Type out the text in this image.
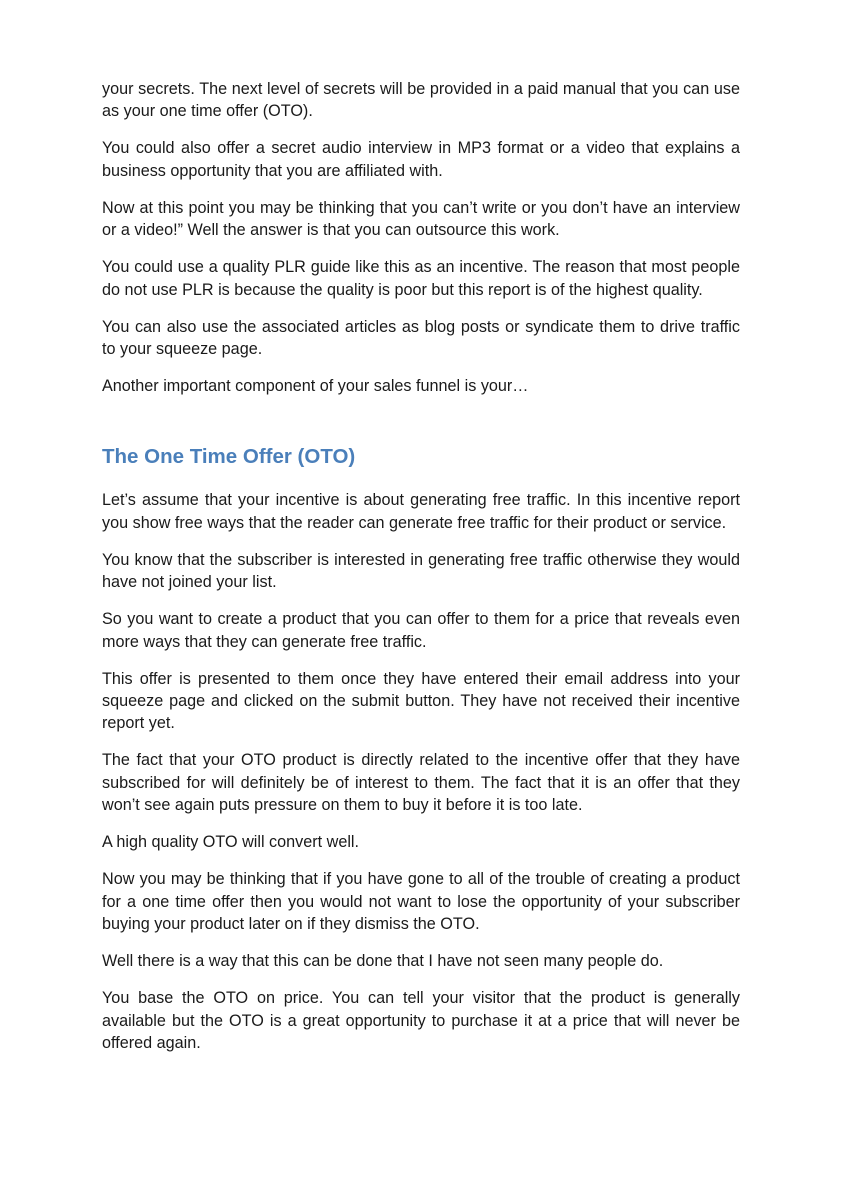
your secrets. The next level of secrets will be provided in a paid manual that you can use as your one time offer (OTO).

You could also offer a secret audio interview in MP3 format or a video that explains a business opportunity that you are affiliated with.

Now at this point you may be thinking that you can’t write or you don’t have an interview or a video!” Well the answer is that you can outsource this work.

You could use a quality PLR guide like this as an incentive. The reason that most people do not use PLR is because the quality is poor but this report is of the highest quality.

You can also use the associated articles as blog posts or syndicate them to drive traffic to your squeeze page.

Another important component of your sales funnel is your…

The One Time Offer (OTO)

Let’s assume that your incentive is about generating free traffic. In this incentive report you show free ways that the reader can generate free traffic for their product or service.

You know that the subscriber is interested in generating free traffic otherwise they would have not joined your list.

So you want to create a product that you can offer to them for a price that reveals even more ways that they can generate free traffic.

This offer is presented to them once they have entered their email address into your squeeze page and clicked on the submit button. They have not received their incentive report yet.

The fact that your OTO product is directly related to the incentive offer that they have subscribed for will definitely be of interest to them. The fact that it is an offer that they won’t see again puts pressure on them to buy it before it is too late.

A high quality OTO will convert well.

Now you may be thinking that if you have gone to all of the trouble of creating a product for a one time offer then you would not want to lose the opportunity of your subscriber buying your product later on if they dismiss the OTO.

Well there is a way that this can be done that I have not seen many people do.

You base the OTO on price. You can tell your visitor that the product is generally available but the OTO is a great opportunity to purchase it at a price that will never be offered again.
